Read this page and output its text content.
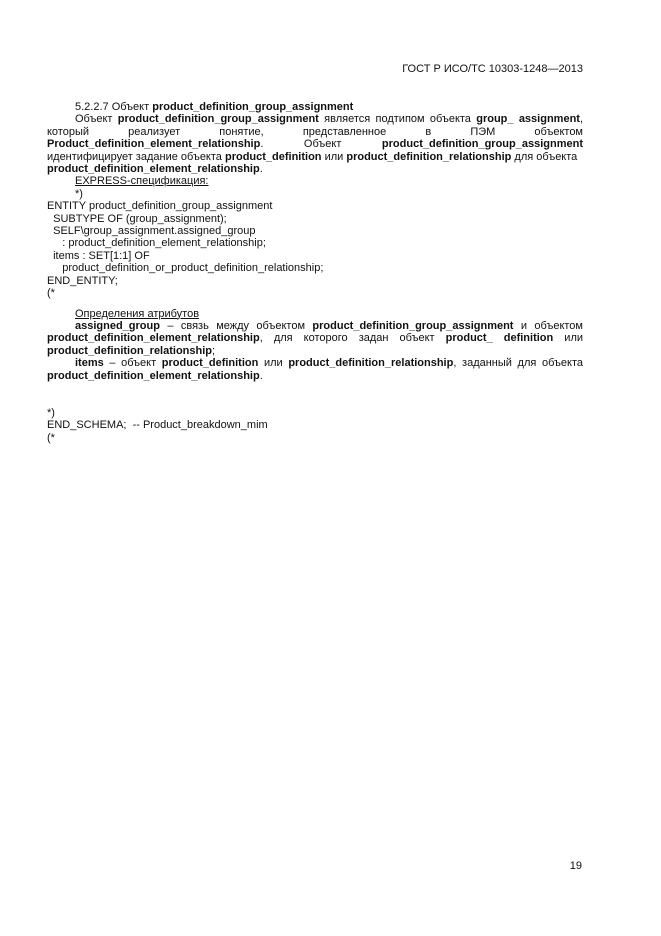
ГОСТ Р ИСО/ТС 10303-1248—2013

5.2.2.7 Объект product_definition_group_assignment

Объект product_definition_group_assignment является подтипом объекта group_ assignment,

который реализует понятие, представленное в ПЭМ объектом

Product_definition_element_relationship. Объект product_definition_group_assignment

идентифицирует задание объекта product_definition или product_definition_relationship для объекта

product_definition_element_relationship.

EXPRESS-спецификация:

*)

ENTITY product_definition_group_assignment

SUBTYPE OF (group_assignment);

SELF\group_assignment.assigned_group

: product_definition_element_relationship;

items : SET[1:1] OF

product_definition_or_product_definition_relationship;

END_ENTITY;

(*

Определения атрибутов

assigned_group – связь между объектом product_definition_group_assignment и объектом

product_definition_element_relationship, для которого задан объект product_ definition или

product_definition_relationship;

items – объект product_definition или product_definition_relationship, заданный для объекта

product_definition_element_relationship.

*)

END_SCHEMA;  -- Product_breakdown_mim

(*

19
